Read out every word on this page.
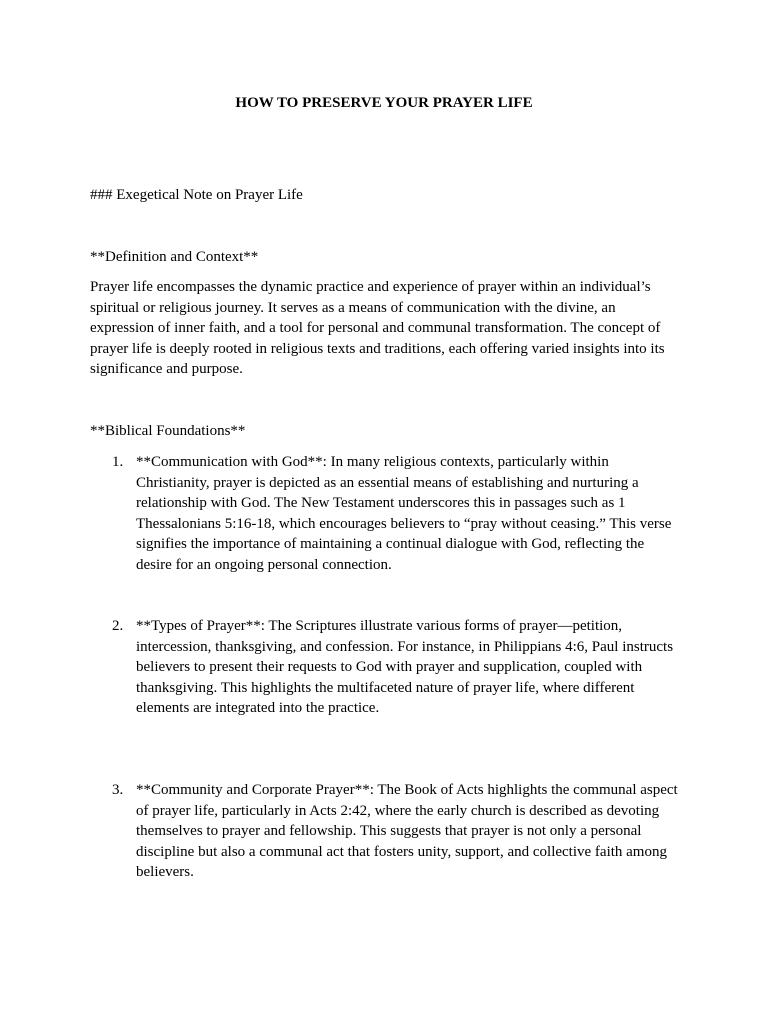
HOW TO PRESERVE YOUR PRAYER LIFE
### Exegetical Note on Prayer Life
**Definition and Context**
Prayer life encompasses the dynamic practice and experience of prayer within an individual’s spiritual or religious journey. It serves as a means of communication with the divine, an expression of inner faith, and a tool for personal and communal transformation. The concept of prayer life is deeply rooted in religious texts and traditions, each offering varied insights into its significance and purpose.
**Biblical Foundations**
1. **Communication with God**: In many religious contexts, particularly within Christianity, prayer is depicted as an essential means of establishing and nurturing a relationship with God. The New Testament underscores this in passages such as 1 Thessalonians 5:16-18, which encourages believers to “pray without ceasing.” This verse signifies the importance of maintaining a continual dialogue with God, reflecting the desire for an ongoing personal connection.
2. **Types of Prayer**: The Scriptures illustrate various forms of prayer—petition, intercession, thanksgiving, and confession. For instance, in Philippians 4:6, Paul instructs believers to present their requests to God with prayer and supplication, coupled with thanksgiving. This highlights the multifaceted nature of prayer life, where different elements are integrated into the practice.
3. **Community and Corporate Prayer**: The Book of Acts highlights the communal aspect of prayer life, particularly in Acts 2:42, where the early church is described as devoting themselves to prayer and fellowship. This suggests that prayer is not only a personal discipline but also a communal act that fosters unity, support, and collective faith among believers.
